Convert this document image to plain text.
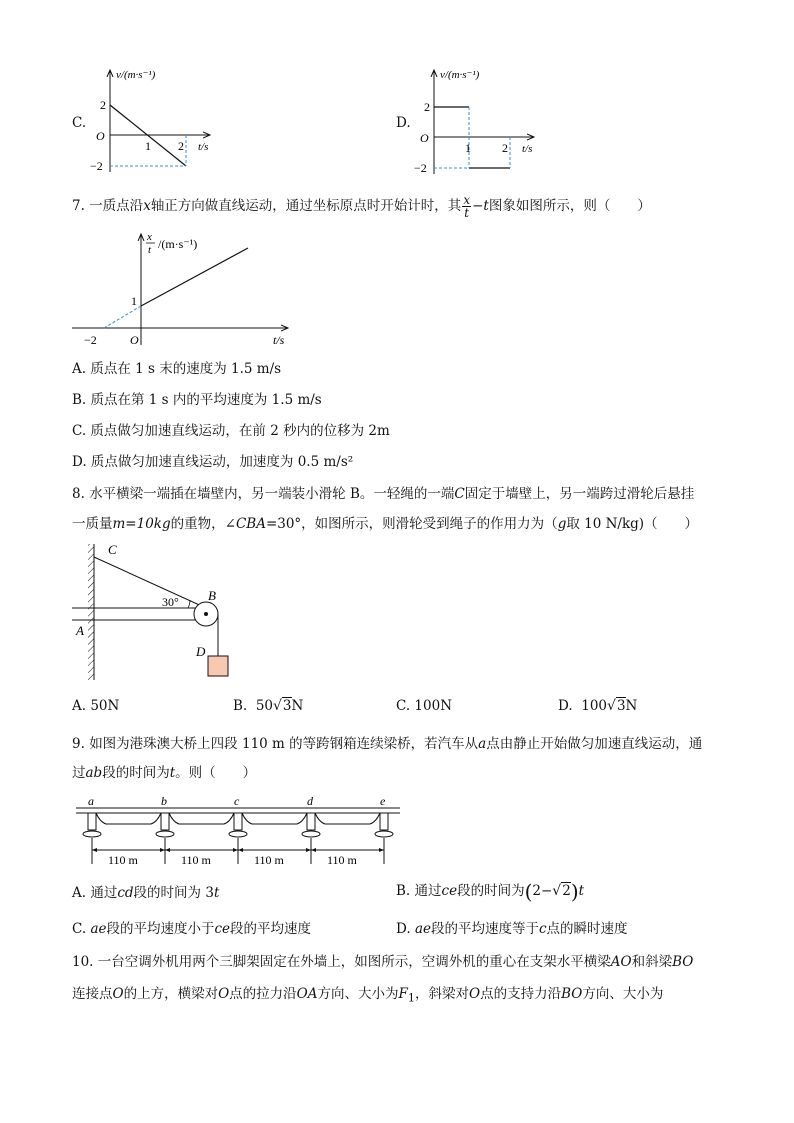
C.
v/(m·s⁻¹)
t/s
O
2
−2
1 2
D.
v/(m·s⁻¹)
t/s
O
2
−2
1	2
7. 一质点沿x轴正方向做直线运动，通过坐标原点时开始计时，其 $\frac{x}{t} -t$图象如图所示，则（　　）
x
t /(m·s⁻¹)
t/s
O
1
−2
A. 质点在 1 s 末的速度为 1.5 m/s
B. 质点在第 1 s 内的平均速度为 1.5 m/s
C. 质点做匀加速直线运动，在前 2 秒内的位移为 2m
D. 质点做匀加速直线运动，加速度为 0.5 m/s²
8. 水平横梁一端插在墙壁内，另一端装小滑轮 B。一轻绳的一端C固定于墙壁上，另一端跨过滑轮后悬挂
一质量m=10kg的重物，∠CBA=30°，如图所示，则滑轮受到绳子的作用力为（g取 10 N/kg)（　　）
C
B
A
D
30°
A. 50N	B. 50√3N	C. 100N	D. 100√3N
9. 如图为港珠澳大桥上四段 110 m 的等跨钢箱连续梁桥，若汽车从a点由静止开始做匀加速直线运动，通
过ab段的时间为t。则（　　）
a	b	c	d	e
110 m	110 m	110 m	110 m
A. 通过cd段的时间为 3t	B. 通过ce段的时间为(2−√2)t
C. ae段的平均速度小于ce段的平均速度	D. ae段的平均速度等于c点的瞬时速度
10. 一台空调外机用两个三脚架固定在外墙上，如图所示，空调外机的重心在支架水平横梁AO和斜梁BO
连接点O的上方，横梁对O点的拉力沿OA方向、大小为$F_1$，斜梁对O点的支持力沿BO方向、大小为
